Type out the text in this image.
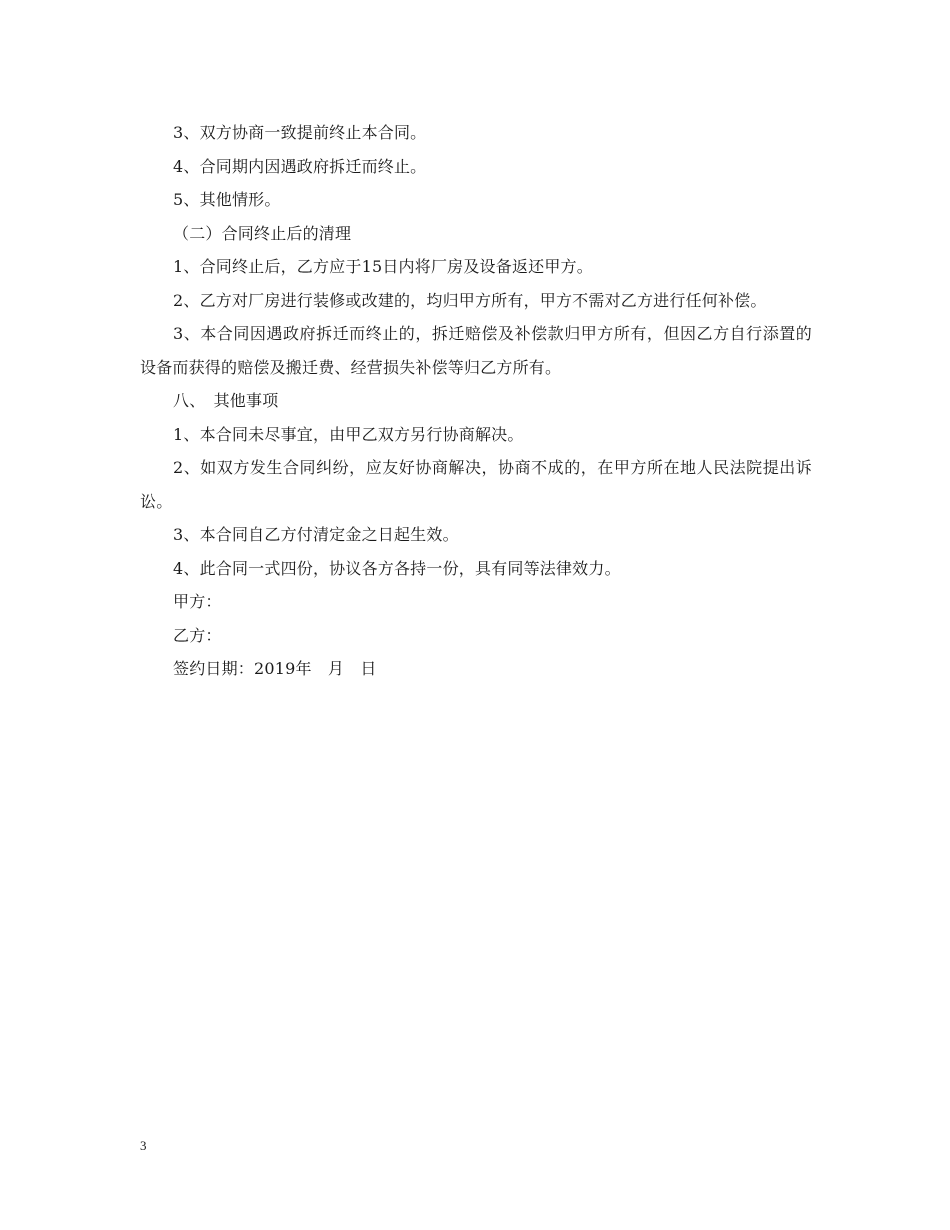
3、双方协商一致提前终止本合同。

4、合同期内因遇政府拆迁而终止。

5、其他情形。

（二）合同终止后的清理

1、合同终止后，乙方应于15日内将厂房及设备返还甲方。

2、乙方对厂房进行装修或改建的，均归甲方所有，甲方不需对乙方进行任何补偿。

3、本合同因遇政府拆迁而终止的，拆迁赔偿及补偿款归甲方所有，但因乙方自行添置的设备而获得的赔偿及搬迁费、经营损失补偿等归乙方所有。

八、　其他事项

1、本合同未尽事宜，由甲乙双方另行协商解决。

2、如双方发生合同纠纷，应友好协商解决，协商不成的，在甲方所在地人民法院提出诉讼。

3、本合同自乙方付清定金之日起生效。

4、此合同一式四份，协议各方各持一份，具有同等法律效力。

甲方：

乙方：

签约日期：2019年　月　日

3
